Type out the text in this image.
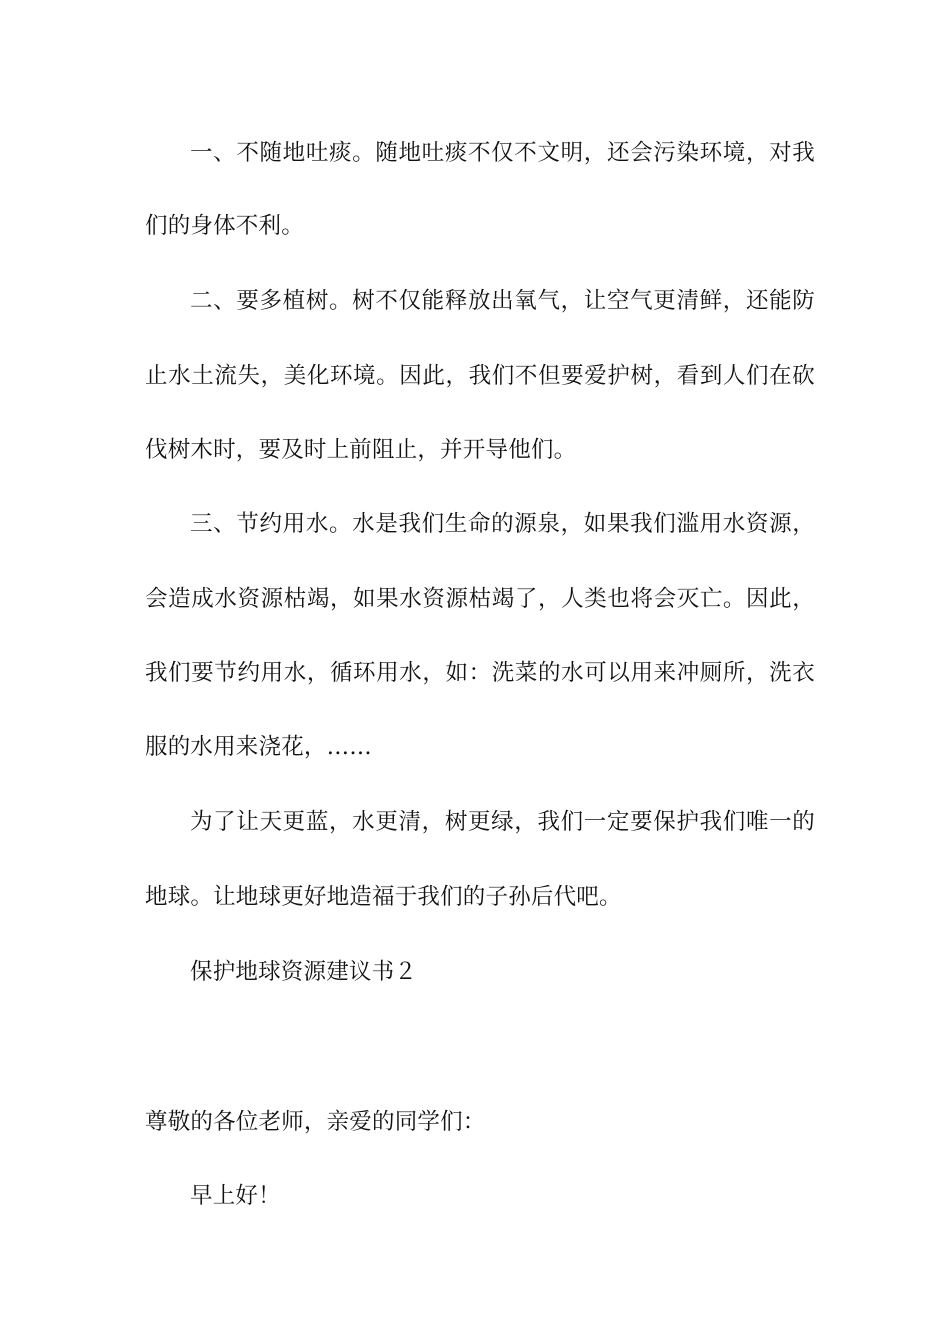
一、不随地吐痰。随地吐痰不仅不文明，还会污染环境，对我
们的身体不利。
二、要多植树。树不仅能释放出氧气，让空气更清鲜，还能防
止水土流失，美化环境。因此，我们不但要爱护树，看到人们在砍
伐树木时，要及时上前阻止，并开导他们。
三、节约用水。水是我们生命的源泉，如果我们滥用水资源，
会造成水资源枯竭，如果水资源枯竭了，人类也将会灭亡。因此，
我们要节约用水，循环用水，如：洗菜的水可以用来冲厕所，洗衣
服的水用来浇花，……
为了让天更蓝，水更清，树更绿，我们一定要保护我们唯一的
地球。让地球更好地造福于我们的子孙后代吧。
保护地球资源建议书２
尊敬的各位老师，亲爱的同学们：
早上好！
